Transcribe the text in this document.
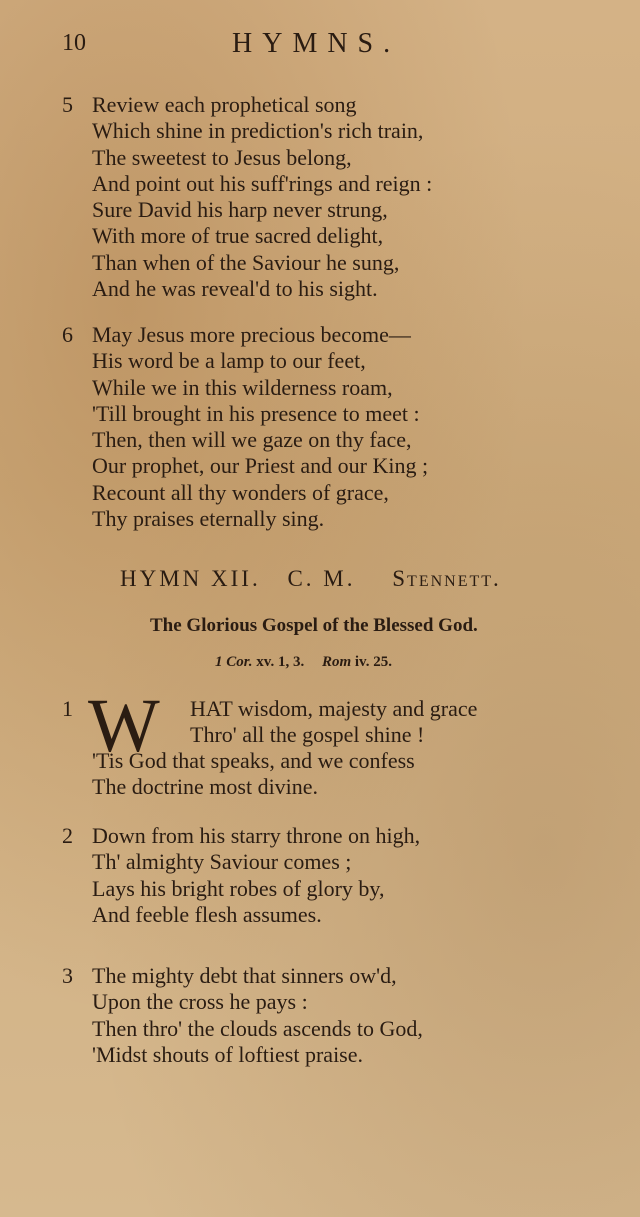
10	HYMNS.
5 Review each prophetical song
Which shine in prediction's rich train,
The sweetest to Jesus belong,
And point out his suff'rings and reign :
Sure David his harp never strung,
With more of true sacred delight,
Than when of the Saviour he sung,
And he was reveal'd to his sight.
6 May Jesus more precious become—
His word be a lamp to our feet,
While we in this wilderness roam,
'Till brought in his presence to meet :
Then, then will we gaze on thy face,
Our prophet, our Priest and our King ;
Recount all thy wonders of grace,
Thy praises eternally sing.
HYMN XII. C. M. Stennett.
The Glorious Gospel of the Blessed God.
1 Cor. xv. 1, 3. Rom iv. 25.
1 W HAT wisdom, majesty and grace
Thro' all the gospel shine !
'Tis God that speaks, and we confess
The doctrine most divine.
2 Down from his starry throne on high,
Th' almighty Saviour comes ;
Lays his bright robes of glory by,
And feeble flesh assumes.
3 The mighty debt that sinners ow'd,
Upon the cross he pays :
Then thro' the clouds ascends to God,
'Midst shouts of loftiest praise.
